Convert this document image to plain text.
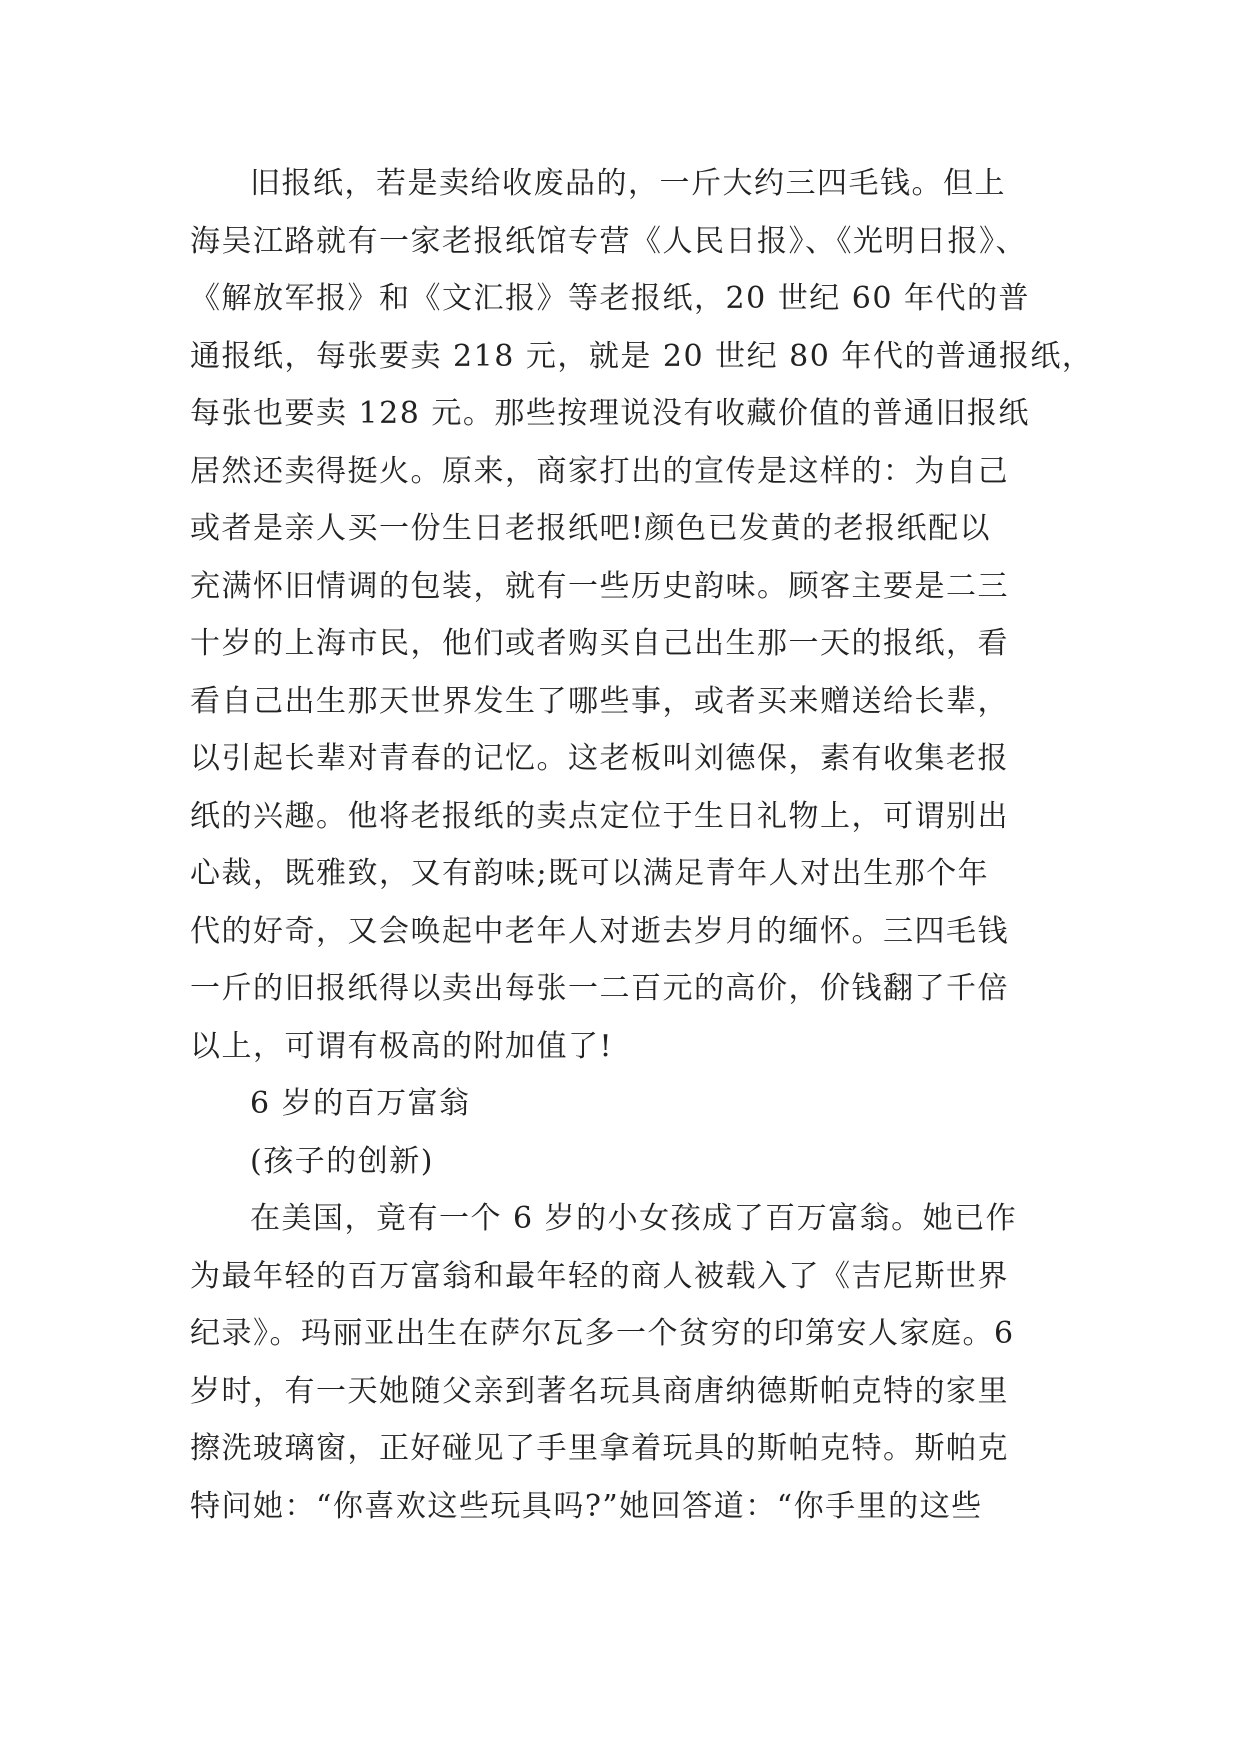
旧报纸，若是卖给收废品的，一斤大约三四毛钱。但上
海吴江路就有一家老报纸馆专营《人民日报》、《光明日报》、
《解放军报》和《文汇报》等老报纸，20 世纪 60 年代的普
通报纸，每张要卖 218 元，就是 20 世纪 80 年代的普通报纸，
每张也要卖 128 元。那些按理说没有收藏价值的普通旧报纸
居然还卖得挺火。原来，商家打出的宣传是这样的：为自己
或者是亲人买一份生日老报纸吧!颜色已发黄的老报纸配以
充满怀旧情调的包装，就有一些历史韵味。顾客主要是二三
十岁的上海市民，他们或者购买自己出生那一天的报纸，看
看自己出生那天世界发生了哪些事，或者买来赠送给长辈，
以引起长辈对青春的记忆。这老板叫刘德保，素有收集老报
纸的兴趣。他将老报纸的卖点定位于生日礼物上，可谓别出
心裁，既雅致，又有韵味;既可以满足青年人对出生那个年
代的好奇，又会唤起中老年人对逝去岁月的缅怀。三四毛钱
一斤的旧报纸得以卖出每张一二百元的高价，价钱翻了千倍
以上，可谓有极高的附加值了!
6 岁的百万富翁
(孩子的创新)
在美国，竟有一个 6 岁的小女孩成了百万富翁。她已作
为最年轻的百万富翁和最年轻的商人被载入了《吉尼斯世界
纪录》。玛丽亚出生在萨尔瓦多一个贫穷的印第安人家庭。6
岁时，有一天她随父亲到著名玩具商唐纳德斯帕克特的家里
擦洗玻璃窗，正好碰见了手里拿着玩具的斯帕克特。斯帕克
特问她：“你喜欢这些玩具吗?”她回答道：“你手里的这些
